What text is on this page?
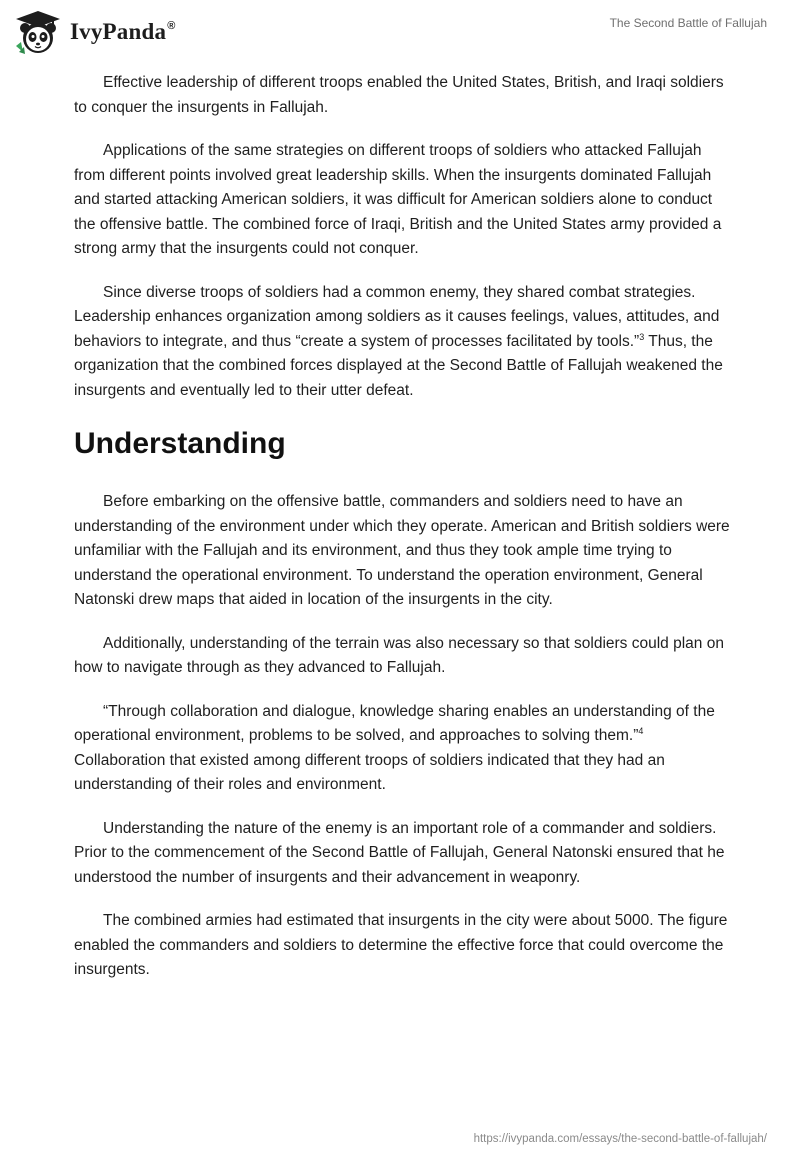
IvyPanda®	The Second Battle of Fallujah

Effective leadership of different troops enabled the United States, British, and Iraqi soldiers to conquer the insurgents in Fallujah.

Applications of the same strategies on different troops of soldiers who attacked Fallujah from different points involved great leadership skills. When the insurgents dominated Fallujah and started attacking American soldiers, it was difficult for American soldiers alone to conduct the offensive battle. The combined force of Iraqi, British and the United States army provided a strong army that the insurgents could not conquer.

Since diverse troops of soldiers had a common enemy, they shared combat strategies. Leadership enhances organization among soldiers as it causes feelings, values, attitudes, and behaviors to integrate, and thus “create a system of processes facilitated by tools.”$^3$ Thus, the organization that the combined forces displayed at the Second Battle of Fallujah weakened the insurgents and eventually led to their utter defeat.

Understanding

Before embarking on the offensive battle, commanders and soldiers need to have an understanding of the environment under which they operate. American and British soldiers were unfamiliar with the Fallujah and its environment, and thus they took ample time trying to understand the operational environment. To understand the operation environment, General Natonski drew maps that aided in location of the insurgents in the city.

Additionally, understanding of the terrain was also necessary so that soldiers could plan on how to navigate through as they advanced to Fallujah.

“Through collaboration and dialogue, knowledge sharing enables an understanding of the operational environment, problems to be solved, and approaches to solving them.”$^4$ Collaboration that existed among different troops of soldiers indicated that they had an understanding of their roles and environment.

Understanding the nature of the enemy is an important role of a commander and soldiers. Prior to the commencement of the Second Battle of Fallujah, General Natonski ensured that he understood the number of insurgents and their advancement in weaponry.

The combined armies had estimated that insurgents in the city were about 5000. The figure enabled the commanders and soldiers to determine the effective force that could overcome the insurgents.

https://ivypanda.com/essays/the-second-battle-of-fallujah/
